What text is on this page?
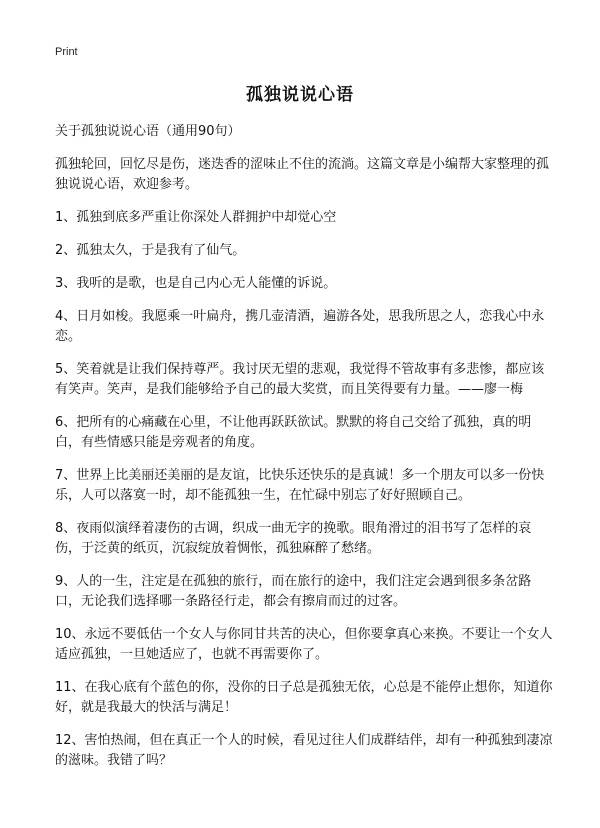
Print
孤独说说心语

关于孤独说说心语（通用90句）

孤独轮回，回忆尽是伤，迷迭香的涩味止不住的流淌。这篇文章是小编帮大家整理的孤独说说心语，欢迎参考。

1、孤独到底多严重让你深处人群拥护中却觉心空

2、孤独太久，于是我有了仙气。

3、我听的是歌，也是自己内心无人能懂的诉说。

4、日月如梭。我愿乘一叶扁舟，携几壶清酒，遍游各处，思我所思之人，恋我心中永恋。

5、笑着就是让我们保持尊严。我讨厌无望的悲观，我觉得不管故事有多悲惨，都应该有笑声。笑声，是我们能够给予自己的最大奖赏，而且笑得要有力量。——廖一梅

6、把所有的心痛藏在心里，不让他再跃跃欲试。默默的将自己交给了孤独，真的明白，有些情感只能是旁观者的角度。

7、世界上比美丽还美丽的是友谊，比快乐还快乐的是真诚！多一个朋友可以多一份快乐，人可以落寞一时，却不能孤独一生，在忙碌中别忘了好好照顾自己。

8、夜雨似演绎着凄伤的古调，织成一曲无字的挽歌。眼角滑过的泪书写了怎样的哀伤，于泛黄的纸页，沉寂绽放着惆怅，孤独麻醉了愁绪。

9、人的一生，注定是在孤独的旅行，而在旅行的途中，我们注定会遇到很多条岔路口，无论我们选择哪一条路径行走，都会有擦肩而过的过客。

10、永远不要低估一个女人与你同甘共苦的决心，但你要拿真心来换。不要让一个女人适应孤独，一旦她适应了，也就不再需要你了。

11、在我心底有个蓝色的你，没你的日子总是孤独无依，心总是不能停止想你，知道你好，就是我最大的快活与满足！

12、害怕热闹，但在真正一个人的时候，看见过往人们成群结伴，却有一种孤独到凄凉的滋味。我错了吗？
